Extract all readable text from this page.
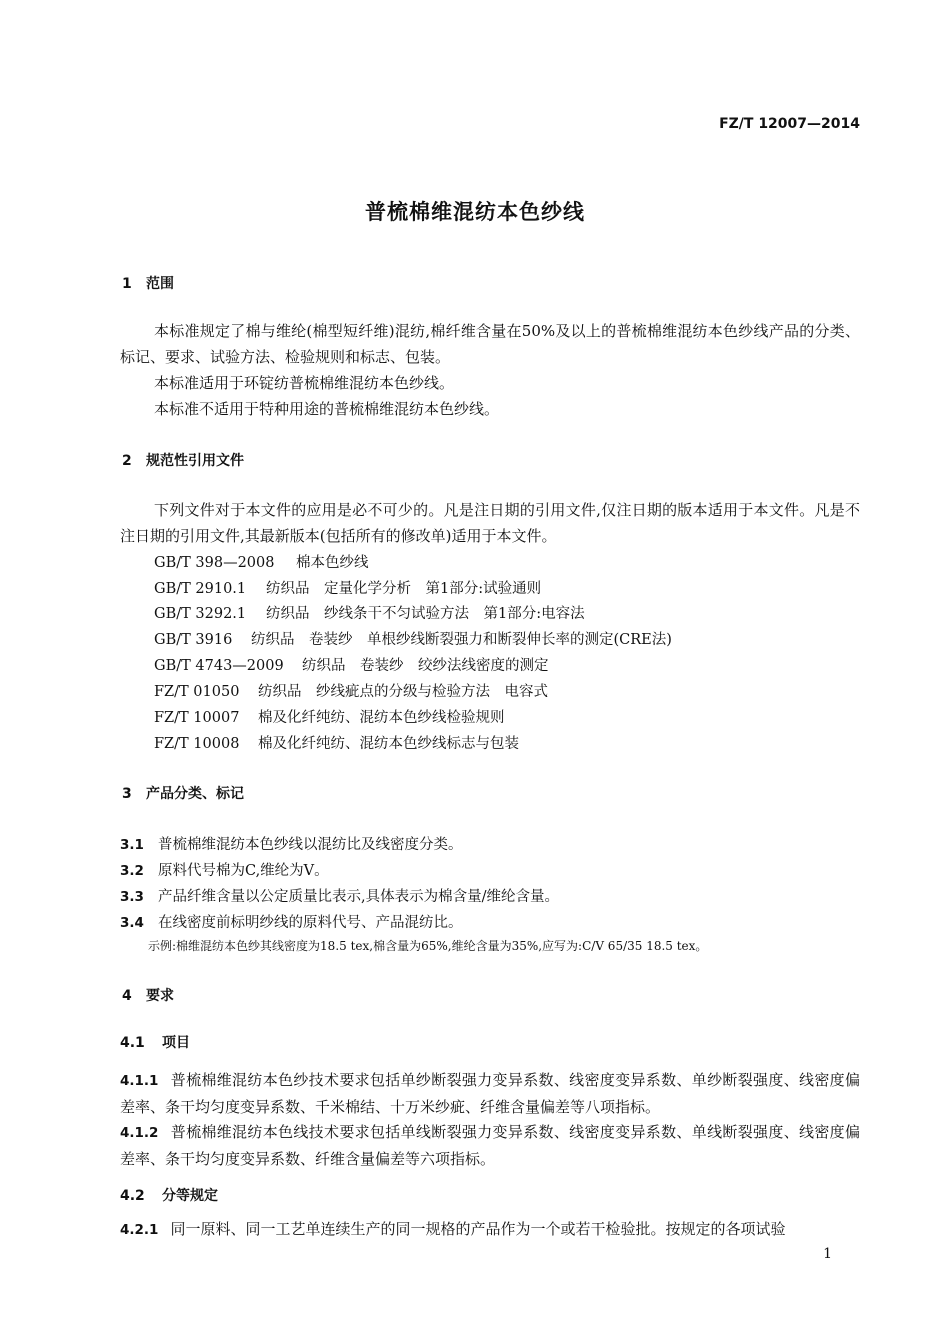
FZ/T 12007—2014
普梳棉维混纺本色纱线
1 范围
本标准规定了棉与维纶(棉型短纤维)混纺,棉纤维含量在50%及以上的普梳棉维混纺本色纱线产品的分类、标记、要求、试验方法、检验规则和标志、包装。
本标准适用于环锭纺普梳棉维混纺本色纱线。
本标准不适用于特种用途的普梳棉维混纺本色纱线。
2 规范性引用文件
下列文件对于本文件的应用是必不可少的。凡是注日期的引用文件,仅注日期的版本适用于本文件。凡是不注日期的引用文件,其最新版本(包括所有的修改单)适用于本文件。
GB/T 398—2008 棉本色纱线
GB/T 2910.1 纺织品　定量化学分析　第1部分:试验通则
GB/T 3292.1 纺织品　纱线条干不匀试验方法　第1部分:电容法
GB/T 3916 纺织品　卷装纱　单根纱线断裂强力和断裂伸长率的测定(CRE法)
GB/T 4743—2009 纺织品　卷装纱　绞纱法线密度的测定
FZ/T 01050 纺织品　纱线疵点的分级与检验方法　电容式
FZ/T 10007 棉及化纤纯纺、混纺本色纱线检验规则
FZ/T 10008 棉及化纤纯纺、混纺本色纱线标志与包装
3 产品分类、标记
3.1 普梳棉维混纺本色纱线以混纺比及线密度分类。
3.2 原料代号棉为C,维纶为V。
3.3 产品纤维含量以公定质量比表示,具体表示为棉含量/维纶含量。
3.4 在线密度前标明纱线的原料代号、产品混纺比。
示例:棉维混纺本色纱其线密度为18.5 tex,棉含量为65%,维纶含量为35%,应写为:C/V 65/35 18.5 tex。
4 要求
4.1 项目
4.1.1 普梳棉维混纺本色纱技术要求包括单纱断裂强力变异系数、线密度变异系数、单纱断裂强度、线密度偏差率、条干均匀度变异系数、千米棉结、十万米纱疵、纤维含量偏差等八项指标。
4.1.2 普梳棉维混纺本色线技术要求包括单线断裂强力变异系数、线密度变异系数、单线断裂强度、线密度偏差率、条干均匀度变异系数、纤维含量偏差等六项指标。
4.2 分等规定
4.2.1 同一原料、同一工艺单连续生产的同一规格的产品作为一个或若干检验批。按规定的各项试验
1
